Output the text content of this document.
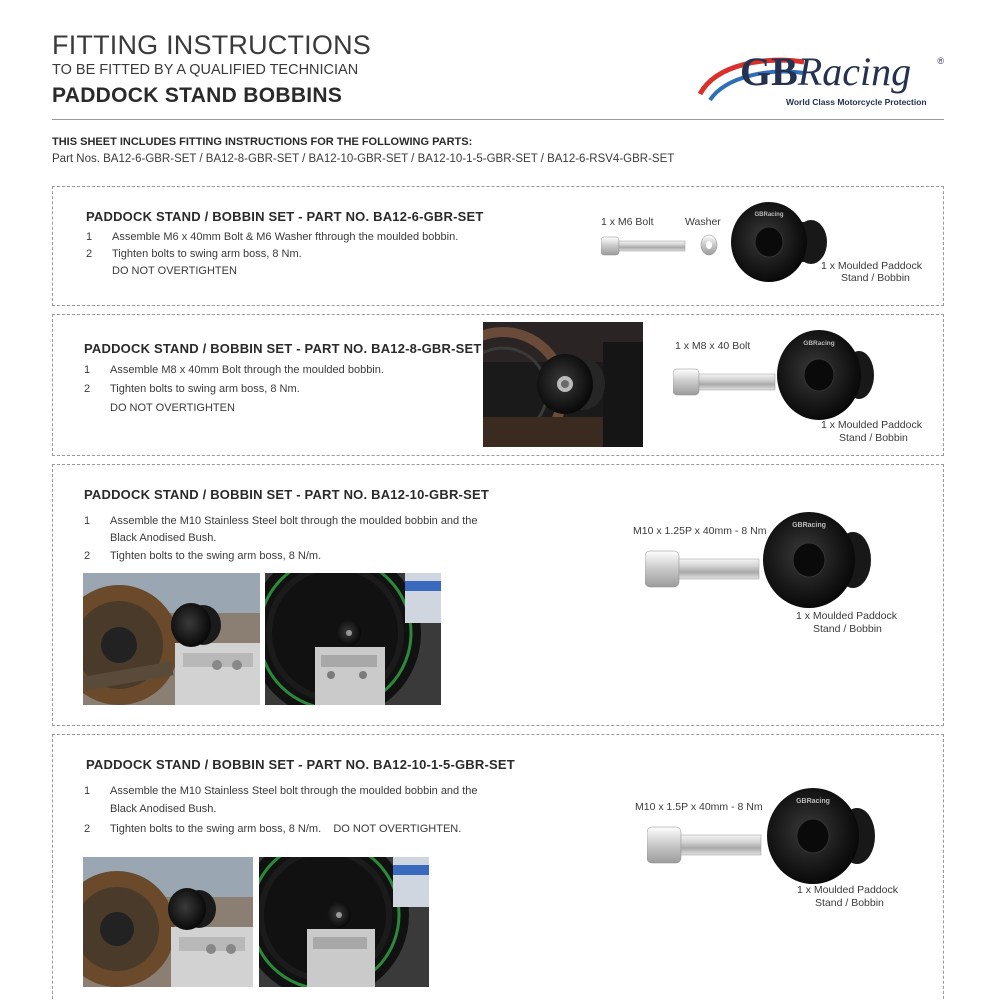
FITTING INSTRUCTIONS
TO BE FITTED BY A QUALIFIED TECHNICIAN
PADDOCK STAND BOBBINS
GBRacing	®
World Class Motorcycle Protection
THIS SHEET INCLUDES FITTING INSTRUCTIONS FOR THE FOLLOWING PARTS:
Part Nos. BA12-6-GBR-SET / BA12-8-GBR-SET / BA12-10-GBR-SET / BA12-10-1-5-GBR-SET / BA12-6-RSV4-GBR-SET
PADDOCK STAND / BOBBIN SET - PART NO. BA12-6-GBR-SET
1 Assemble M6 x 40mm Bolt & M6 Washer fthrough the moulded bobbin.
2 Tighten bolts to swing arm boss, 8 Nm.
DO NOT OVERTIGHTEN
1 x M6 Bolt	Washer
GBRacing
1 x Moulded Paddock
Stand / Bobbin
PADDOCK STAND / BOBBIN SET - PART NO. BA12-8-GBR-SET
1 Assemble M8 x 40mm Bolt through the moulded bobbin.
2 Tighten bolts to swing arm boss, 8 Nm.
DO NOT OVERTIGHTEN
1 x M8 x 40 Bolt	GBRacing
1 x Moulded Paddock
Stand / Bobbin
PADDOCK STAND / BOBBIN SET - PART NO. BA12-10-GBR-SET
1 Assemble the M10 Stainless Steel bolt through the moulded bobbin and the
Black Anodised Bush.
2 Tighten bolts to the swing arm boss, 8 N/m.
M10 x 1.25P x 40mm - 8 Nm	GBRacing
1 x Moulded Paddock
Stand / Bobbin
PADDOCK STAND / BOBBIN SET - PART NO. BA12-10-1-5-GBR-SET
1 Assemble the M10 Stainless Steel bolt through the moulded bobbin and the
Black Anodised Bush.
2 Tighten bolts to the swing arm boss, 8 N/m.    DO NOT OVERTIGHTEN.
M10 x 1.5P x 40mm - 8 Nm	GBRacing
1 x Moulded Paddock
Stand / Bobbin
